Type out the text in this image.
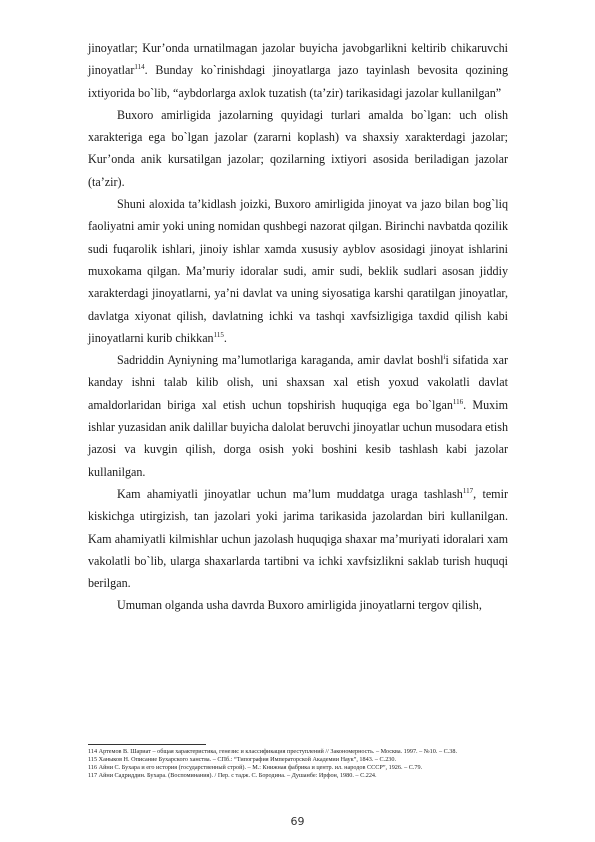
jinoyatlar; Kur’onda urnatilmagan jazolar buyicha javobgarlikni keltirib chikaruvchi jinoyatlar$^{114}$. Bunday ko`rinishdagi jinoyatlarga jazo tayinlash bevosita qozining ixtiyorida bo`lib, “aybdorlarga axlok tuzatish (ta’zir) tarikasidagi jazolar kullanilgan”

Buxoro amirligida jazolarning quyidagi turlari amalda bo`lgan: uch olish xarakteriga ega bo`lgan jazolar (zararni koplash) va shaxsiy xarakterdagi jazolar; Kur’onda anik kursatilgan jazolar; qozilarning ixtiyori asosida beriladigan jazolar (ta’zir).

Shuni aloxida ta’kidlash joizki, Buxoro amirligida jinoyat va jazo bilan bog`liq faoliyatni amir yoki uning nomidan qushbegi nazorat qilgan. Birinchi navbatda qozilik sudi fuqarolik ishlari, jinoiy ishlar xamda xususiy ayblov asosidagi jinoyat ishlarini muxokama qilgan. Ma’muriy idoralar sudi, amir sudi, beklik sudlari asosan jiddiy xarakterdagi jinoyatlarni, ya’ni davlat va uning siyosatiga karshi qaratilgan jinoyatlar, davlatga xiyonat qilish, davlatning ichki va tashqi xavfsizligiga taxdid qilish kabi jinoyatlarni kurib chikkan$^{115}$.

Sadriddin Ayniyning ma’lumotlariga karaganda, amir davlat boshl$^i$i sifatida xar kanday ishni talab kilib olish, uni shaxsan xal etish yoxud vakolatli davlat amaldorlaridan biriga xal etish uchun topshirish huquqiga ega bo`lgan$^{116}$. Muxim ishlar yuzasidan anik dalillar buyicha dalolat beruvchi jinoyatlar uchun musodara etish jazosi va kuvgin qilish, dorga osish yoki boshini kesib tashlash kabi jazolar kullanilgan.

Kam ahamiyatli jinoyatlar uchun ma’lum muddatga uraga tashlash$^{117}$, temir kiskichga utirgizish, tan jazolari yoki jarima tarikasida jazolardan biri kullanilgan. Kam ahamiyatli kilmishlar uchun jazolash huquqiga shaxar ma’muriyati idoralari xam vakolatli bo`lib, ularga shaxarlarda tartibni va ichki xavfsizlikni saklab turish huquqi berilgan.

Umuman olganda usha davrda Buxoro amirligida jinoyatlarni tergov qilish,

114 Артемов В. Шариат – общая характеристика, генезис и классификация преступлений // Закономерность. – Москва. 1997. – №10. – С.38.

115 Ханыков Н. Описание Бухарского ханства. – СПб.: “Типография Императорской Академии Наук”, 1843. – С.230.

116 Айни С. Бухара и его история (государственный строй). – М.: Книжная фабрика и центр. ил. народов СССР”, 1926. – С.79.

117 Айни Садриддин. Бухара. (Воспоминания). / Пер. с тадж. С. Бородина. – Душанбе: Ирфон, 1980. – С.224.

69
